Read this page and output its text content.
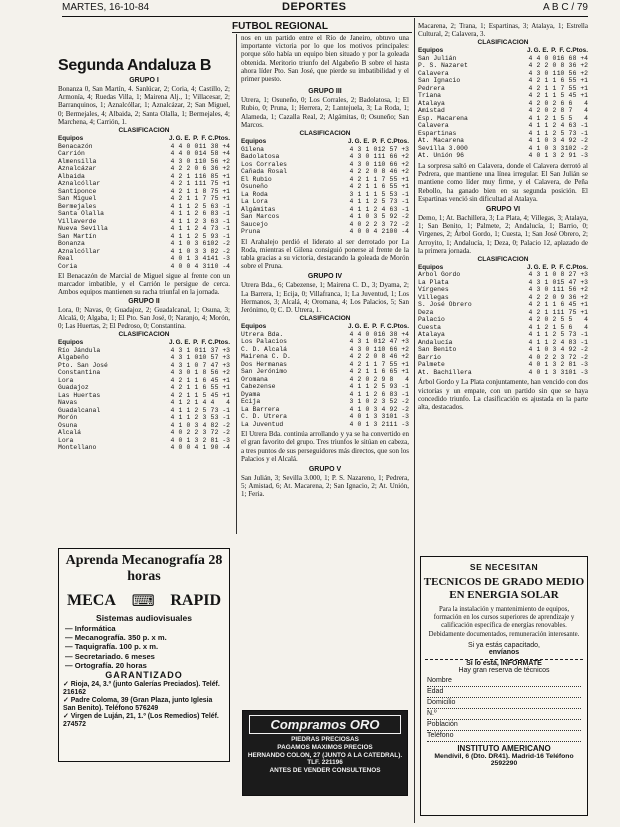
MARTES, 16-10-84	DEPORTES	A B C / 79
FUTBOL REGIONAL
Segunda Andaluza B
GRUPO I

Bonanza 0, San Martín, 4. Sanlúcar, 2; Coria, 4; Castillo, 2; Armonía, 4; Ruedas Villa, 1; Mairena Alj., 1; Villacesar, 2; Barranquinos, 1; Aznalcóllar, 1; Aznalcázar, 2; San Miguel, 0; Bermejales, 4; Albaida, 2; Santa Olalla, 1; Bermejales, 4; Marchena, 4; Carrión, 1.

CLASIFICACION
Equipos	J.	G.	E.	P.	F.	C.	Ptos.
Benacazón	4	4	0	0	11	3	8 +4
Carrión	4	4	0	0	14	5	8 +4
Almensilla	4	3	0	1	10	5	6 +2
Aznalcázar	4	2	2	0	6	3	6 +2
Albaida	4	2	1	1	16	8	5 +1
Aznalcóllar	4	2	1	1	11	7	5 +1
Santiponce	4	2	1	1	8	7	5 +1
San Miguel	4	2	1	1	7	7	5 +1
Bermejales	4	1	1	2	5	6	3 -1
Santa Olalla	4	1	1	2	6	8	3 -1
Villaverde	4	1	1	2	3	6	3 -1
Nueva Sevilla	4	1	1	2	4	7	3 -1
San Martín	4	1	1	2	5	9	3 -1
Bonanza	4	1	0	3	6	10	2 -2
Aznalcóllar	4	1	0	3	3	8	2 -2
Real	4	0	1	3	4	14	1 -3
Coria	4	0	0	4	3	11	0 -4

El Benacazón de Marcial de Miguel sigue al frente con un marcador imbatible, y el Carrión le persigue de cerca. Ambos equipos mantienen su racha triunfal en la jornada.

GRUPO II

Lora, 0; Navas, 0; Guadajoz, 2; Guadalcanal, 1; Osuna, 3; Alcalá, 0; Algaba, 1; El Pto. San José, 0; Naranjo, 4; Morón, 0; Las Huertas, 2; El Pedroso, 0; Constantina.

CLASIFICACION
Equipos	J.	G.	E.	P.	F.	C.	Ptos.
Río Jándula	4	3	1	0	11	3	7 +3
Algabeño	4	3	1	0	10	5	7 +3
Pto. San José	4	3	1	0	7	4	7 +3
Constantina	4	3	0	1	8	5	6 +2
Lora	4	2	1	1	6	4	5 +1
Guadajoz	4	2	1	1	6	5	5 +1
Las Huertas	4	2	1	1	5	4	5 +1
Navas	4	1	2	1	4	4	4
Guadalcanal	4	1	1	2	5	7	3 -1
Morón	4	1	1	2	3	5	3 -1
Osuna	4	1	0	3	4	8	2 -2
Alcalá	4	0	2	2	3	7	2 -2
Lora	4	0	1	3	2	8	1 -3
Montellano	4	0	0	4	1	9	0 -4
Aprenda Mecanografía 28 horas
MECA ⌨ RAPID
Sistemas audiovisuales
— Informática
— Mecanografía. 350 p. x m.
— Taquigrafía. 100 p. x m.
— Secretariado. 6 meses
— Ortografía. 20 horas
GARANTIZADO
✓ Rioja, 24, 3.º (junto Galerías Preciados). Teléf. 216162
✓ Padre Coloma, 39 (Gran Plaza, junto Iglesia San Benito). Teléfono 576249
✓ Virgen de Luján, 21, 1.º (Los Remedios) Teléf. 274572

nos en un partido entre el Río de Janeiro, obtuvo una importante victoria por lo que los motivos principales: porque sólo había un equipo bien situado y por la goleada obtenida. Meritorio triunfo del Algabeño B sobre el hasta ahora líder Pto. San José, que pierde su imbatibilidad y el primer puesto.

GRUPO III

Utrera, 1; Osuneño, 0; Los Corrales, 2; Badolatosa, 1; El Rubio, 0; Pruna, 1; Herrera, 2; Lantejuela, 3; La Roda, 1; Alameda, 1; Cazalla Real, 2; Algámitas, 0; Osuneño; San Marcos.

CLASIFICACION
Equipos	J.	G.	E.	P.	F.	C.	Ptos.
Gilena	4	3	1	0	12	5	7 +3
Badolatosa	4	3	0	1	11	6	6 +2
Los Corrales	4	3	0	1	10	6	6 +2
Cañada Rosal	4	2	2	0	8	4	6 +2
El Rubio	4	2	1	1	7	5	5 +1
Osuneño	4	2	1	1	6	5	5 +1
La Roda	3	1	1	1	5	5	3 -1
La Lora	4	1	1	2	5	7	3 -1
Algámitas	4	1	1	2	4	6	3 -1
San Marcos	4	1	0	3	5	9	2 -2
Saucejo	4	0	2	2	3	7	2 -2
Pruna	4	0	0	4	2	10	0 -4

El Arahalejo perdió el liderato al ser derrotado por La Roda, mientras el Gilena consiguió ponerse al frente de la tabla gracias a su victoria, destacando la goleada de Morón sobre el Pruna.

GRUPO IV

Utrera Bda., 6; Cabezense, 1; Mairena C. D., 3; Dyama, 2; La Barrera, 1; Ecija, 0; Villafranca, 1; La Juventud, 1; Los Hermanos, 3; Alcalá, 4; Oromana, 4; Los Palacios, 5; San Jerónimo, 0; C. D. Utrera, 1.

CLASIFICACION
Equipos	J.	G.	E.	P.	F.	C.	Ptos.
Utrera Bda.	4	4	0	0	16	3	8 +4
Los Palacios	4	3	1	0	12	4	7 +3
C. D. Alcalá	4	3	0	1	10	6	6 +2
Mairena C. D.	4	2	2	0	8	4	6 +2
Dos Hermanas	4	2	1	1	7	5	5 +1
San Jerónimo	4	2	1	1	6	6	5 +1
Oromana	4	2	0	2	9	8	4
Cabezense	4	1	1	2	5	9	3 -1
Dyama	4	1	1	2	6	8	3 -1
Ecija	3	1	0	2	3	5	2 -2
La Barrera	4	1	0	3	4	9	2 -2
C. D. Utrera	4	0	1	3	3	10	1 -3
La Juventud	4	0	1	3	2	11	1 -3

El Utrera Bda. continúa arrollando y ya se ha convertido en el gran favorito del grupo. Tres triunfos le sitúan en cabeza, a tres puntos de sus perseguidores más directos, que son los Palacios y el Alcalá.

GRUPO V

San Julián, 3; Sevilla 3.000, 1; P. S. Nazareno, 1; Pedrera, 5; Amistad, 6; At. Macarena, 2; San Ignacio, 2; At. Unión, 1; Feria.

Compramos ORO
PIEDRAS PRECIOSAS
PAGAMOS MAXIMOS PRECIOS
HERNANDO COLON, 27 (JUNTO A LA CATEDRAL). TLF. 221196
ANTES DE VENDER CONSULTENOS

Macarena, 2; Trana, 1; Espartinas, 3; Atalaya, 1; Estrella Cultural, 2; Calavera, 3.

CLASIFICACION
Equipos	J.	G.	E.	P.	F.	C.	Ptos.
San Julián	4	4	0	0	16	6	8 +4
P. S. Nazaret	4	2	2	0	8	3	6 +2
Calavera	4	3	0	1	10	5	6 +2
San Ignacio	4	2	1	1	6	5	5 +1
Pedrera	4	2	1	1	7	5	5 +1
Triana	4	2	1	1	5	4	5 +1
Atalaya	4	2	0	2	6	6	4
Amistad	4	2	0	2	8	7	4
Esp. Macarena	4	1	2	1	5	5	4
Calavera	4	1	1	2	4	6	3 -1
Espartinas	4	1	1	2	5	7	3 -1
At. Macarena	4	1	0	3	4	9	2 -2
Sevilla 3.000	4	1	0	3	3	10	2 -2
At. Unión 96	4	0	1	3	2	9	1 -3

La sorpresa saltó en Calavera, donde el Calavera derrotó al Pedrera, que mantiene una línea irregular. El San Julián se mantiene como líder muy firme, y el Calavera, de Peña Rebollo, ha ganado bien en su segunda posición. El Espartinas venció sin dificultad al Atalaya.

GRUPO VI

Demo, 1; At. Bachillera, 3; La Plata, 4; Villegas, 3; Atalaya, 1; San Benito, 1; Palmete, 2; Andalucía, 1; Barrio, 0; Virgenes, 2; Árbol Gordo, 1; Cuesta, 1; San José Obrero, 2; Arroyito, 1; Andalucía, 1; Deza, 0; Palacio 12, aplazado de la primera jornada.

CLASIFICACION
Equipos	J.	G.	E.	P.	F.	C.	Ptos.
Arbol Gordo	4	3	1	0	8	2	7 +3
La Plata	4	3	1	0	15	4	7 +3
Vírgenes	4	3	0	1	11	5	6 +2
Villegas	4	2	2	0	9	3	6 +2
S. José Obrero	4	2	1	1	6	4	5 +1
Deza	4	2	1	1	11	7	5 +1
Palacio	4	2	0	2	5	5	4
Cuesta	4	1	2	1	5	6	4
Atalaya	4	1	1	2	5	7	3 -1
Andalucía	4	1	1	2	4	8	3 -1
San Benito	4	1	0	3	4	9	2 -2
Barrio	4	0	2	2	3	7	2 -2
Palmete	4	0	1	3	2	8	1 -3
At. Bachillera	4	0	1	3	3	10	1 -3

Árbol Gordo y La Plata conjuntamente, han vencido con dos victorias y un empate, con un partido sin que se haya concedido triunfo. La clasificación es ajustada en la parte alta, destacados.

SE NECESITAN
TECNICOS DE GRADO MEDIO
EN ENERGIA SOLAR

Para la instalación y mantenimiento de equipos, formación en los cursos superiores de aprendizaje y calificación específica de energías renovables. Debidamente documentados, remuneración interesante.

Si ya estás capacitado,
envíanos
Si lo está, INFORMATE
Hay gran reserva de técnicos
Nombre
Edad
Domicilio
N.º
Población
Teléfono
INSTITUTO AMERICANO
Mendívil, 6 (Dto. DR41). Madrid-16 Teléfono 2592290
